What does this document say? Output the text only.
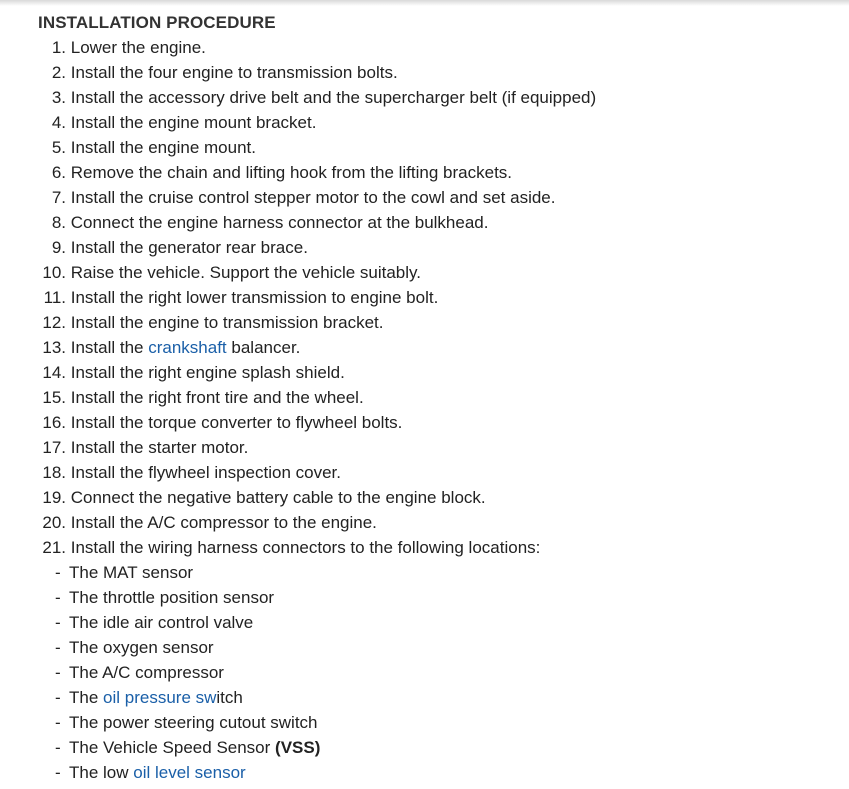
INSTALLATION PROCEDURE
1. Lower the engine.
2. Install the four engine to transmission bolts.
3. Install the accessory drive belt and the supercharger belt (if equipped)
4. Install the engine mount bracket.
5. Install the engine mount.
6. Remove the chain and lifting hook from the lifting brackets.
7. Install the cruise control stepper motor to the cowl and set aside.
8. Connect the engine harness connector at the bulkhead.
9. Install the generator rear brace.
10. Raise the vehicle. Support the vehicle suitably.
11. Install the right lower transmission to engine bolt.
12. Install the engine to transmission bracket.
13. Install the crankshaft balancer.
14. Install the right engine splash shield.
15. Install the right front tire and the wheel.
16. Install the torque converter to flywheel bolts.
17. Install the starter motor.
18. Install the flywheel inspection cover.
19. Connect the negative battery cable to the engine block.
20. Install the A/C compressor to the engine.
21. Install the wiring harness connectors to the following locations:
- The MAT sensor
- The throttle position sensor
- The idle air control valve
- The oxygen sensor
- The A/C compressor
- The oil pressure switch
- The power steering cutout switch
- The Vehicle Speed Sensor (VSS)
- The low oil level sensor
